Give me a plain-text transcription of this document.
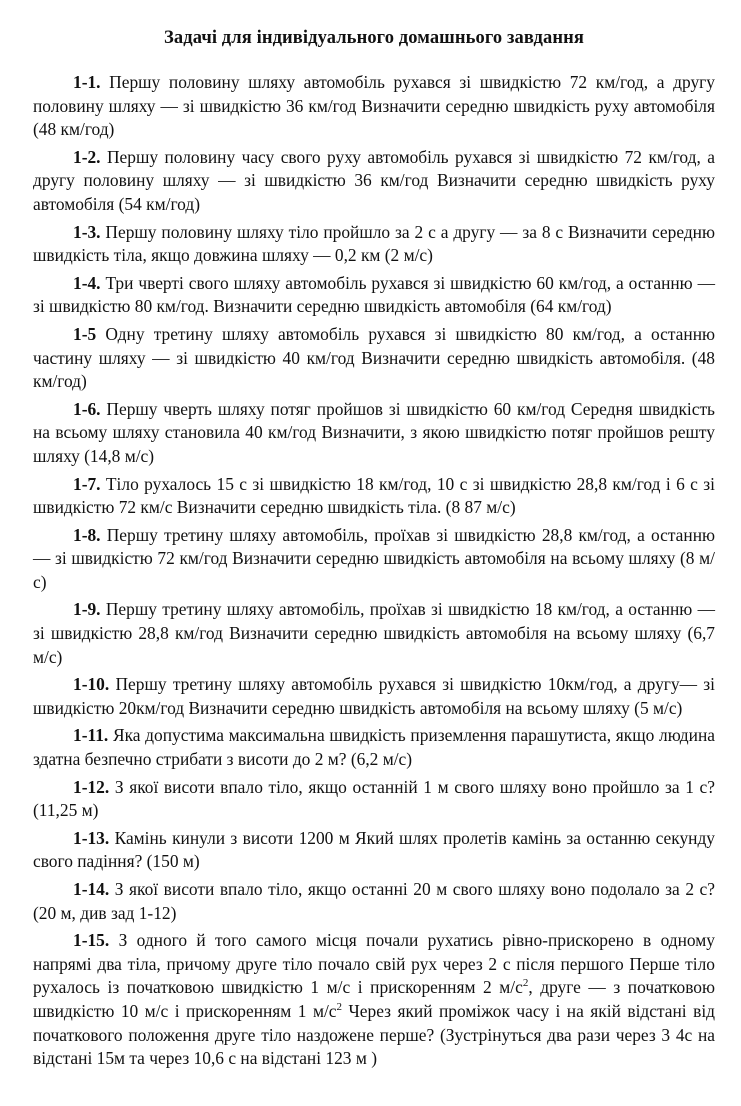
Задачі для індивідуального домашнього завдання

1-1. Першу половину шляху автомобіль рухався зі швидкістю 72 км/год, а другу половину шляху — зі швидкістю 36 км/год Визначити середню швидкість руху автомобіля (48 км/год)

1-2. Першу половину часу свого руху автомобіль рухався зі швидкістю 72 км/год, а другу половину шляху — зі швидкістю 36 км/год Визначити середню швидкість руху автомобіля (54 км/год)

1-3. Першу половину шляху тіло пройшло за 2 с а другу — за 8 с Визначити середню швидкість тіла, якщо довжина шляху — 0,2 км (2 м/с)

1-4. Три чверті свого шляху автомобіль рухався зі швидкістю 60 км/год, а останню — зі швидкістю 80 км/год. Визначити середню швидкість автомобіля (64 км/год)

1-5 Одну третину шляху автомобіль рухався зі швидкістю 80 км/год, а останню частину шляху — зі швидкістю 40 км/год Визначити середню швидкість автомобіля. (48 км/год)

1-6. Першу чверть шляху потяг пройшов зі швидкістю 60 км/год Середня швидкість на всьому шляху становила 40 км/год Визначити, з якою швидкістю потяг пройшов решту шляху (14,8 м/с)

1-7. Тіло рухалось 15 с зі швидкістю 18 км/год, 10 с зі швидкістю 28,8 км/год і 6 с зі швидкістю 72 км/с Визначити середню швидкість тіла. (8 87 м/с)

1-8. Першу третину шляху автомобіль, проїхав зі швидкістю 28,8 км/год, а останню — зі швидкістю 72 км/год Визначити середню швидкість автомобіля на всьому шляху (8 м/с)

1-9. Першу третину шляху автомобіль, проїхав зі швидкістю 18 км/год, а останню — зі швидкістю 28,8 км/год Визначити середню швидкість автомобіля на всьому шляху (6,7 м/с)

1-10. Першу третину шляху автомобіль рухався зі швидкістю 10км/год, а другу— зі швидкістю 20км/год Визначити середню швидкість автомобіля на всьому шляху (5 м/с)

1-11. Яка допустима максимальна швидкість приземлення парашутиста, якщо людина здатна безпечно стрибати з висоти до 2 м? (6,2 м/с)

1-12. З якої висоти впало тіло, якщо останній 1 м свого шляху воно пройшло за 1 с? (11,25 м)

1-13. Камінь кинули з висоти 1200 м Який шлях пролетів камінь за останню секунду свого падіння? (150 м)

1-14. З якої висоти впало тіло, якщо останні 20 м свого шляху воно подолало за 2 с? (20 м, див зад 1-12)

1-15. З одного й того самого місця почали рухатись рівно-прискорено в одному напрямі два тіла, причому друге тіло почало свій рух через 2 с після першого Перше тіло рухалось із початковою швидкістю 1 м/с і прискоренням 2 $м/с^2$, друге — з початковою швидкістю 10 м/с і прискоренням 1 $м/с^2$ Через який проміжок часу і на якій відстані від початкового положення друге тіло наздожене перше? (Зустрінуться два рази через 3 4с на відстані 15м та через 10,6 с на відстані 123 м )
